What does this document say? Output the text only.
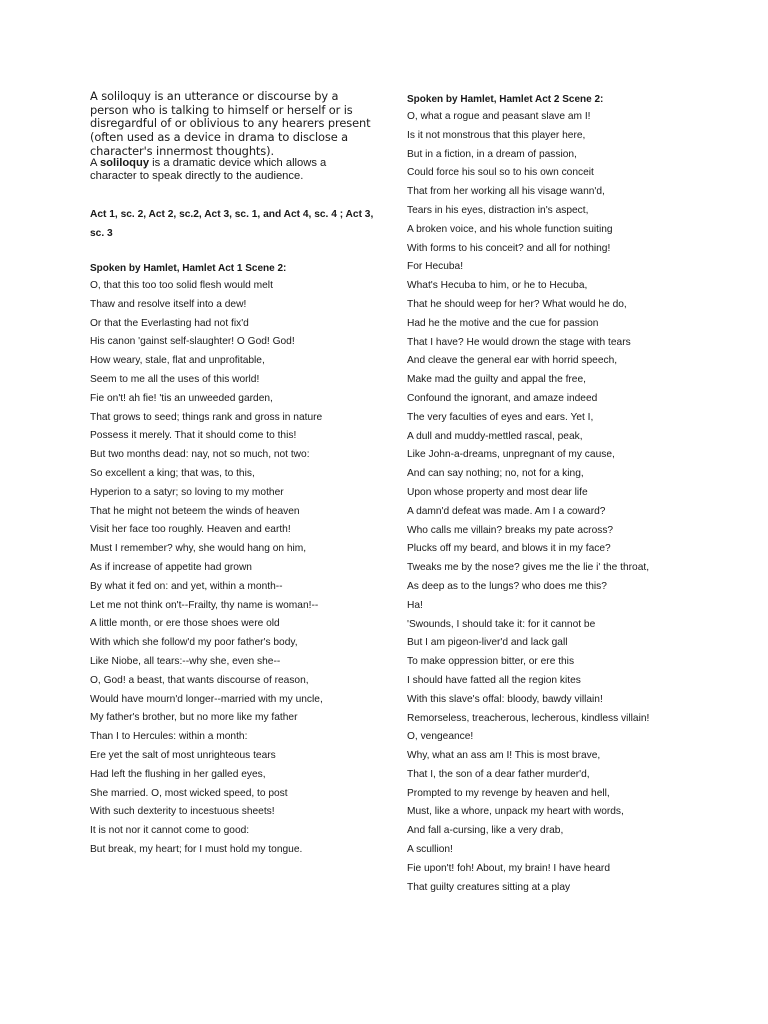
A soliloquy is an utterance or discourse by a person who is talking to himself or herself or is disregardful of or oblivious to any hearers present (often used as a device in drama to disclose a character's innermost thoughts).
A soliloquy is a dramatic device which allows a character to speak directly to the audience.
Act 1, sc. 2, Act 2, sc.2, Act 3, sc. 1, and Act 4, sc. 4 ; Act 3, sc. 3
Spoken by Hamlet, Hamlet Act 1 Scene 2:
O, that this too too solid flesh would melt
Thaw and resolve itself into a dew!
Or that the Everlasting had not fix'd
His canon 'gainst self-slaughter! O God! God!
How weary, stale, flat and unprofitable,
Seem to me all the uses of this world!
Fie on't! ah fie! 'tis an unweeded garden,
That grows to seed; things rank and gross in nature
Possess it merely. That it should come to this!
But two months dead: nay, not so much, not two:
So excellent a king; that was, to this,
Hyperion to a satyr; so loving to my mother
That he might not beteem the winds of heaven
Visit her face too roughly. Heaven and earth!
Must I remember? why, she would hang on him,
As if increase of appetite had grown
By what it fed on: and yet, within a month--
Let me not think on't--Frailty, thy name is woman!--
A little month, or ere those shoes were old
With which she follow'd my poor father's body,
Like Niobe, all tears:--why she, even she--
O, God! a beast, that wants discourse of reason,
Would have mourn'd longer--married with my uncle,
My father's brother, but no more like my father
Than I to Hercules: within a month:
Ere yet the salt of most unrighteous tears
Had left the flushing in her galled eyes,
She married. O, most wicked speed, to post
With such dexterity to incestuous sheets!
It is not nor it cannot come to good:
But break, my heart; for I must hold my tongue.
Spoken by Hamlet, Hamlet Act 2 Scene 2:
O, what a rogue and peasant slave am I!
Is it not monstrous that this player here,
But in a fiction, in a dream of passion,
Could force his soul so to his own conceit
That from her working all his visage wann'd,
Tears in his eyes, distraction in's aspect,
A broken voice, and his whole function suiting
With forms to his conceit? and all for nothing!
For Hecuba!
What's Hecuba to him, or he to Hecuba,
That he should weep for her? What would he do,
Had he the motive and the cue for passion
That I have? He would drown the stage with tears
And cleave the general ear with horrid speech,
Make mad the guilty and appal the free,
Confound the ignorant, and amaze indeed
The very faculties of eyes and ears. Yet I,
A dull and muddy-mettled rascal, peak,
Like John-a-dreams, unpregnant of my cause,
And can say nothing; no, not for a king,
Upon whose property and most dear life
A damn'd defeat was made. Am I a coward?
Who calls me villain? breaks my pate across?
Plucks off my beard, and blows it in my face?
Tweaks me by the nose? gives me the lie i' the throat,
As deep as to the lungs? who does me this?
Ha!
'Swounds, I should take it: for it cannot be
But I am pigeon-liver'd and lack gall
To make oppression bitter, or ere this
I should have fatted all the region kites
With this slave's offal: bloody, bawdy villain!
Remorseless, treacherous, lecherous, kindless villain!
O, vengeance!
Why, what an ass am I! This is most brave,
That I, the son of a dear father murder'd,
Prompted to my revenge by heaven and hell,
Must, like a whore, unpack my heart with words,
And fall a-cursing, like a very drab,
A scullion!
Fie upon't! foh! About, my brain! I have heard
That guilty creatures sitting at a play
